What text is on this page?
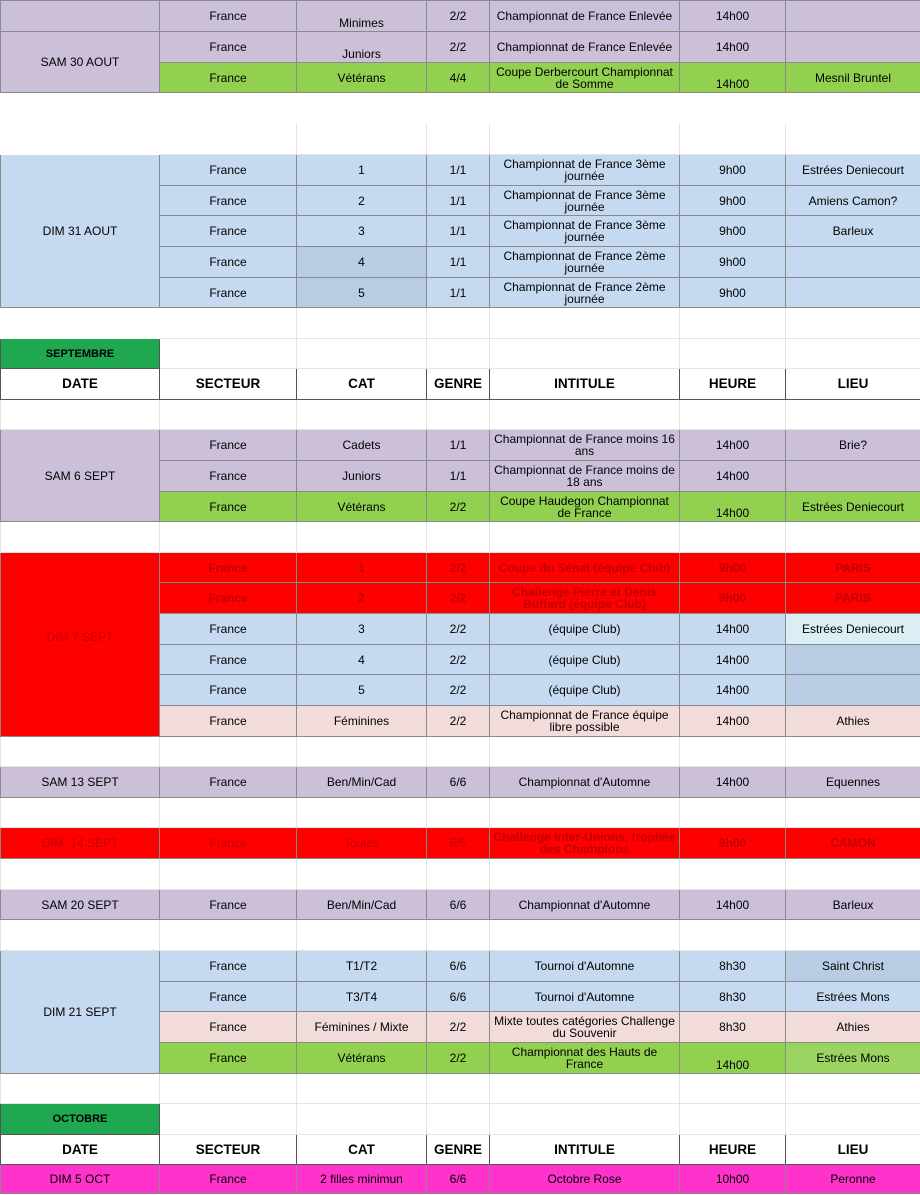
	France	Minimes	2/2	Championnat de France Enlevée	14h00	
SAM 30 AOUT	France	Juniors	2/2	Championnat de France Enlevée	14h00	
	France	Vétérans	4/4	Coupe Derbercourt Championnat de Somme	14h00	Mesnil Bruntel

DIM 31 AOUT	France	1	1/1	Championnat de France 3ème journée	9h00	Estrées Deniecourt
	France	2	1/1	Championnat de France 3ème journée	9h00	Amiens Camon?
	France	3	1/1	Championnat de France 3ème journée	9h00	Barleux
	France	4	1/1	Championnat de France 2ème journée	9h00	
	France	5	1/1	Championnat de France 2ème journée	9h00	

SEPTEMBRE						
DATE	SECTEUR	CAT	GENRE	INTITULE	HEURE	LIEU

SAM 6 SEPT	France	Cadets	1/1	Championnat de France moins 16 ans	14h00	Brie?
	France	Juniors	1/1	Championnat de France moins de 18 ans	14h00	
	France	Vétérans	2/2	Coupe Haudegon Championnat de France	14h00	Estrées Deniecourt

DIM 7 SEPT	France	1	2/2	Coupe du Sénat (équipe Club)	9h00	PARIS
	France	2	2/2	Challenge Pierre et Denis Buffard (équipe Club)	9h00	PARIS
	France	3	2/2	(équipe Club)	14h00	Estrées Deniecourt
	France	4	2/2	(équipe Club)	14h00	
	France	5	2/2	(équipe Club)	14h00	
	France	Féminines	2/2	Championnat de France équipe libre possible	14h00	Athies

SAM 13 SEPT	France	Ben/Min/Cad	6/6	Championnat d'Automne	14h00	Equennes

DIM  14 SEPT	France	Toutes	6/6	Challenge Inter-Unions, trophée des Champions	9h00	CAMON

SAM 20 SEPT	France	Ben/Min/Cad	6/6	Championnat d'Automne	14h00	Barleux

DIM 21 SEPT	France	T1/T2	6/6	Tournoi d'Automne	8h30	Saint Christ
	France	T3/T4	6/6	Tournoi d'Automne	8h30	Estrées Mons
	France	Féminines / Mixte	2/2	Mixte toutes catégories Challenge du Souvenir	8h30	Athies
	France	Vétérans	2/2	Championnat des Hauts de France	14h00	Estrées Mons

OCTOBRE						
DATE	SECTEUR	CAT	GENRE	INTITULE	HEURE	LIEU
DIM 5 OCT	France	2 filles minimun	6/6	Octobre Rose	10h00	Peronne
